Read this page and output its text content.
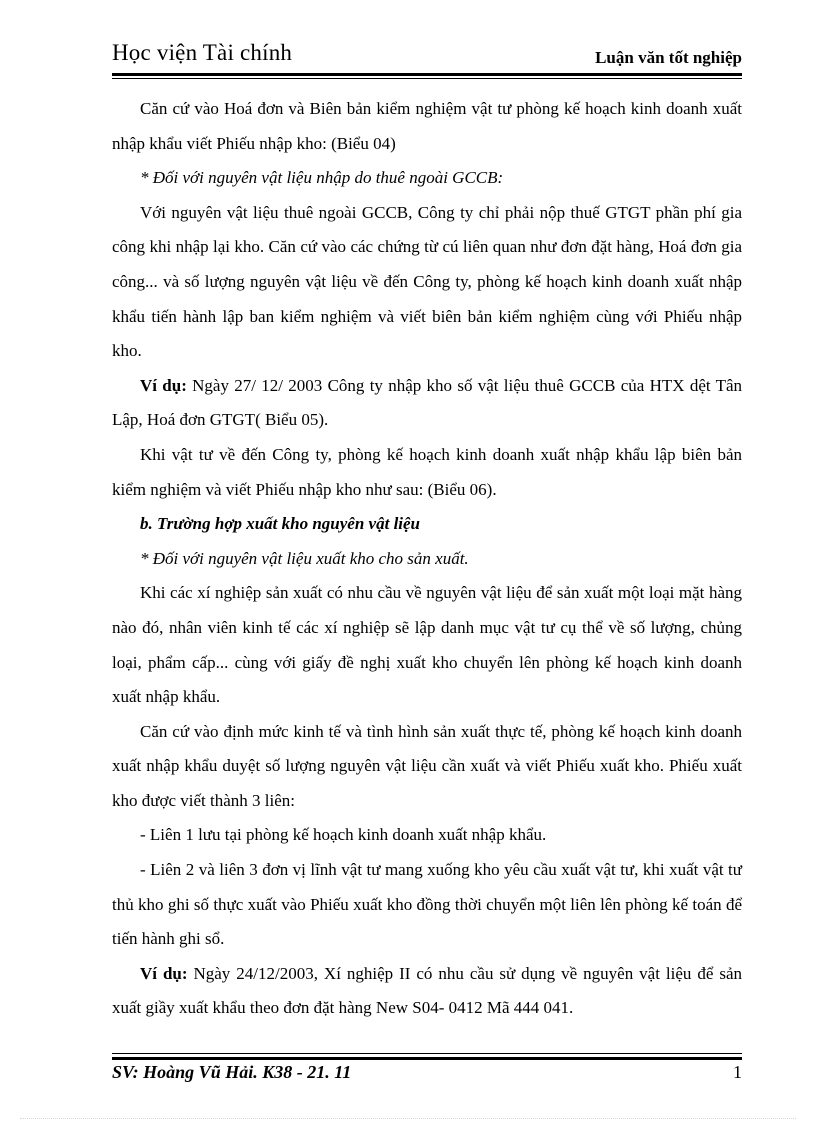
Học viện Tài chính	Luận văn tốt nghiệp

Căn cứ vào Hoá đơn và Biên bản kiểm nghiệm vật tư phòng kế hoạch kinh doanh xuất nhập khẩu viết Phiếu nhập kho: (Biểu 04)

* Đối với nguyên vật liệu nhập do thuê ngoài GCCB:

Với nguyên vật liệu thuê ngoài GCCB, Công ty chỉ phải nộp thuế GTGT phần phí gia công khi nhập lại kho. Căn cứ vào các chứng từ cú liên quan như đơn đặt hàng, Hoá đơn gia công... và số lượng nguyên vật liệu về đến Công ty, phòng kế hoạch kinh doanh xuất nhập khẩu tiến hành lập ban kiểm nghiệm và viết biên bản kiểm nghiệm cùng với Phiếu nhập kho.

Ví dụ: Ngày 27/ 12/ 2003 Công ty nhập kho số vật liệu thuê GCCB của HTX dệt Tân Lập, Hoá đơn GTGT( Biểu 05).

Khi vật tư về đến Công ty, phòng kế hoạch kinh doanh xuất nhập khẩu lập biên bản kiểm nghiệm và viết Phiếu nhập kho như sau: (Biểu 06).

b. Trường hợp xuất kho nguyên vật liệu

* Đối với nguyên vật liệu xuất kho cho sản xuất.

Khi các xí nghiệp sản xuất có nhu cầu về nguyên vật liệu để sản xuất một loại mặt hàng nào đó, nhân viên kinh tế các xí nghiệp sẽ lập danh mục vật tư cụ thể về số lượng, chủng loại, phẩm cấp... cùng với giấy đề nghị xuất kho chuyển lên phòng kế hoạch kinh doanh xuất nhập khẩu.

Căn cứ vào định mức kinh tế và tình hình sản xuất thực tế, phòng kế hoạch kinh doanh xuất nhập khẩu duyệt số lượng nguyên vật liệu cần xuất và viết Phiếu xuất kho. Phiếu xuất kho được viết thành 3 liên:

- Liên 1 lưu tại phòng kế hoạch kinh doanh xuất nhập khẩu.

- Liên 2 và liên 3 đơn vị lĩnh vật tư mang xuống kho yêu cầu xuất vật tư, khi xuất vật tư thủ kho ghi số thực xuất vào Phiếu xuất kho đồng thời chuyển một liên lên phòng kế toán để tiến hành ghi sổ.

Ví dụ: Ngày 24/12/2003, Xí nghiệp II có nhu cầu sử dụng về nguyên vật liệu để sản xuất giầy xuất khẩu theo đơn đặt hàng New S04- 0412 Mã 444 041.

SV: Hoàng Vũ Hải. K38 - 21. 11	1
